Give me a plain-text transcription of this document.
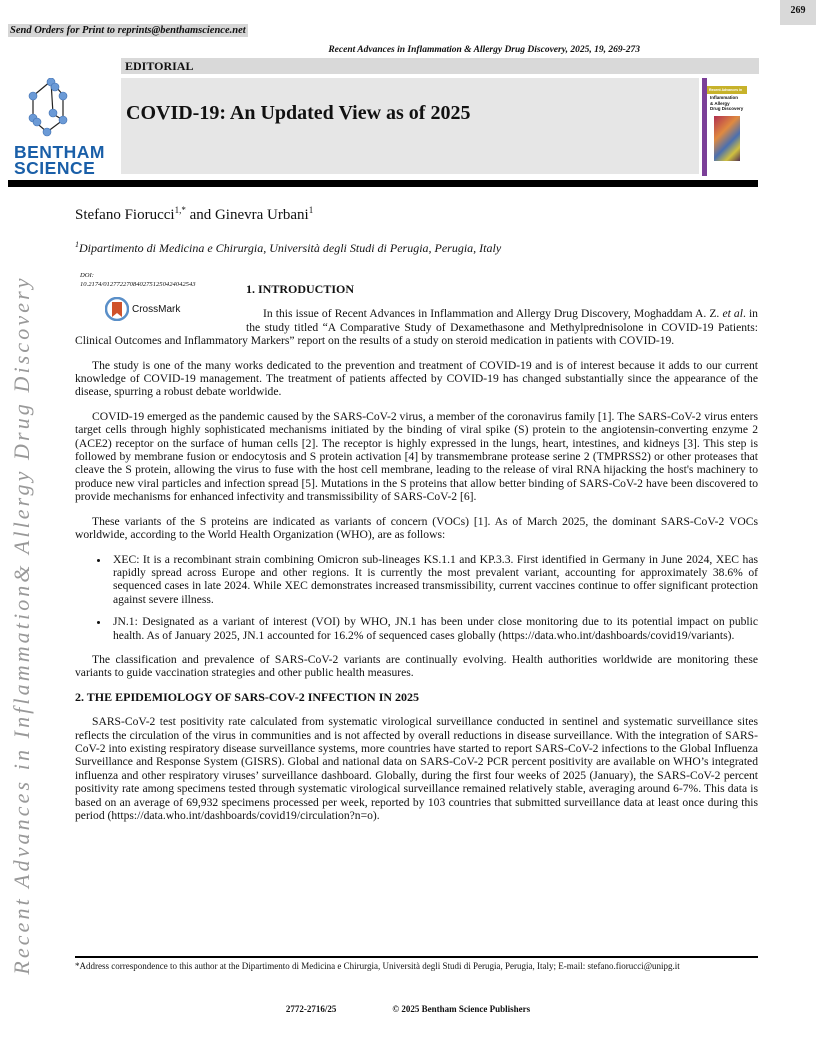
269
Send Orders for Print to reprints@benthamscience.net
Recent Advances in Inflammation & Allergy Drug Discovery, 2025, 19, 269-273
EDITORIAL
COVID-19: An Updated View as of 2025
BENTHAM
SCIENCE
Recent Advances in
Inflammation
& Allergy
Drug Discovery
Recent Advances in Inflammation& Allergy Drug Discovery
Stefano Fiorucci$^{1,*}$ and Ginevra Urbani$^1$
$^1$Dipartimento di Medicina e Chirurgia, Università degli Studi di Perugia, Perugia, Italy
DOI:
10.2174/0127722708402751250424042543
CrossMark

1. INTRODUCTION

In this issue of Recent Advances in Inflammation and Allergy Drug Discovery, Moghaddam A. Z. et al. in the study titled “A Comparative Study of Dexamethasone and Methylprednisolone in COVID-19 Patients: Clinical Outcomes and Inflammatory Markers” report on the results of a study on steroid medication in patients with COVID-19.

The study is one of the many works dedicated to the prevention and treatment of COVID-19 and is of interest because it adds to our current knowledge of COVID-19 management. The treatment of patients affected by COVID-19 has changed substantially since the appearance of the disease, spurring a robust debate worldwide.

COVID-19 emerged as the pandemic caused by the SARS-CoV-2 virus, a member of the coronavirus family [1]. The SARS-CoV-2 virus enters target cells through highly sophisticated mechanisms initiated by the binding of viral spike (S) protein to the angiotensin-converting enzyme 2 (ACE2) receptor on the surface of human cells [2]. The receptor is highly expressed in the lungs, heart, intestines, and kidneys [3]. This step is followed by membrane fusion or endocytosis and S protein activation [4] by transmembrane protease serine 2 (TMPRSS2) or other proteases that cleave the S protein, allowing the virus to fuse with the host cell membrane, leading to the release of viral RNA hijacking the host's machinery to produce new viral particles and infection spread [5]. Mutations in the S proteins that allow better binding of SARS-CoV-2 have been discovered to provide mechanisms for enhanced infectivity and transmissibility of SARS-CoV-2 [6].

These variants of the S proteins are indicated as variants of concern (VOCs) [1]. As of March 2025, the dominant SARS-CoV-2 VOCs worldwide, according to the World Health Organization (WHO), are as follows:

• XEC: It is a recombinant strain combining Omicron sub-lineages KS.1.1 and KP.3.3. First identified in Germany in June 2024, XEC has rapidly spread across Europe and other regions. It is currently the most prevalent variant, accounting for approximately 38.6% of sequenced cases in late 2024. While XEC demonstrates increased transmissibility, current vaccines continue to offer significant protection against severe illness.
• JN.1: Designated as a variant of interest (VOI) by WHO, JN.1 has been under close monitoring due to its potential impact on public health. As of January 2025, JN.1 accounted for 16.2% of sequenced cases globally (https://data.who.int/dashboards/covid19/variants).

The classification and prevalence of SARS-CoV-2 variants are continually evolving. Health authorities worldwide are monitoring these variants to guide vaccination strategies and other public health measures.

2. THE EPIDEMIOLOGY OF SARS-COV-2 INFECTION IN 2025

SARS-CoV-2 test positivity rate calculated from systematic virological surveillance conducted in sentinel and systematic surveillance sites reflects the circulation of the virus in communities and is not affected by overall reductions in disease surveillance. With the integration of SARS-CoV-2 into existing respiratory disease surveillance systems, more countries have started to report SARS-CoV-2 infections to the Global Influenza Surveillance and Response System (GISRS). Global and national data on SARS-CoV-2 PCR percent positivity are available on WHO’s integrated influenza and other respiratory viruses’ surveillance dashboard. Globally, during the first four weeks of 2025 (January), the SARS-CoV-2 percent positivity rate among specimens tested through systematic virological surveillance remained relatively stable, averaging around 6-7%. This data is based on an average of 69,932 specimens processed per week, reported by 103 countries that submitted surveillance data at least once during this period (https://data.who.int/dashboards/covid19/circulation?n=o).

*Address correspondence to this author at the Dipartimento di Medicina e Chirurgia, Università degli Studi di Perugia, Perugia, Italy; E-mail: stefano.fiorucci@unipg.it
2772-2716/25	© 2025 Bentham Science Publishers
